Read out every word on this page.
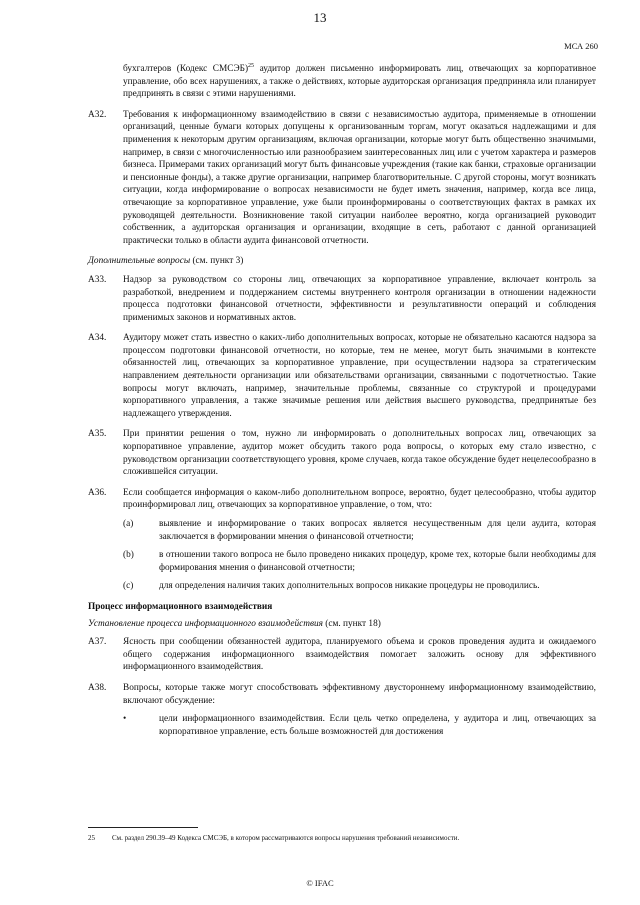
13
МСА 260

бухгалтеров (Кодекс СМСЭБ)$^{25}$ аудитор должен письменно информировать лиц, отвечающих за корпоративное управление, обо всех нарушениях, а также о действиях, которые аудиторская организация предприняла или планирует предпринять в связи с этими нарушениями.

A32.	Требования к информационному взаимодействию в связи с независимостью аудитора, применяемые в отношении организаций, ценные бумаги которых допущены к организованным торгам, могут оказаться надлежащими и для применения к некоторым другим организациям, включая организации, которые могут быть общественно значимыми, например, в связи с многочисленностью или разнообразием заинтересованных лиц или с учетом характера и размеров бизнеса. Примерами таких организаций могут быть финансовые учреждения (такие как банки, страховые организации и пенсионные фонды), а также другие организации, например благотворительные. С другой стороны, могут возникать ситуации, когда информирование о вопросах независимости не будет иметь значения, например, когда все лица, отвечающие за корпоративное управление, уже были проинформированы о соответствующих фактах в рамках их руководящей деятельности. Возникновение такой ситуации наиболее вероятно, когда организацией руководит собственник, а аудиторская организация и организации, входящие в сеть, работают с данной организацией практически только в области аудита финансовой отчетности.

Дополнительные вопросы (см. пункт 3)
A33.	Надзор за руководством со стороны лиц, отвечающих за корпоративное управление, включает контроль за разработкой, внедрением и поддержанием системы внутреннего контроля организации в отношении надежности процесса подготовки финансовой отчетности, эффективности и результативности операций и соблюдения применимых законов и нормативных актов.

A34.	Аудитору может стать известно о каких-либо дополнительных вопросах, которые не обязательно касаются надзора за процессом подготовки финансовой отчетности, но которые, тем не менее, могут быть значимыми в контексте обязанностей лиц, отвечающих за корпоративное управление, при осуществлении надзора за стратегическим направлением деятельности организации или обязательствами организации, связанными с подотчетностью. Такие вопросы могут включать, например, значительные проблемы, связанные со структурой и процедурами корпоративного управления, а также значимые решения или действия высшего руководства, предпринятые без надлежащего утверждения.

A35.	При принятии решения о том, нужно ли информировать о дополнительных вопросах лиц, отвечающих за корпоративное управление, аудитор может обсудить такого рода вопросы, о которых ему стало известно, с руководством организации соответствующего уровня, кроме случаев, когда такое обсуждение будет нецелесообразно в сложившейся ситуации.

A36.	Если сообщается информация о каком-либо дополнительном вопросе, вероятно, будет целесообразно, чтобы аудитор проинформировал лиц, отвечающих за корпоративное управление, о том, что:

(a)	выявление и информирование о таких вопросах является несущественным для цели аудита, которая заключается в формировании мнения о финансовой отчетности;
(b)	в отношении такого вопроса не было проведено никаких процедур, кроме тех, которые были необходимы для формирования мнения о финансовой отчетности;
(c)	для определения наличия таких дополнительных вопросов никакие процедуры не проводились.
Процесс информационного взаимодействия
Установление процесса информационного взаимодействия (см. пункт 18)
A37.	Ясность при сообщении обязанностей аудитора, планируемого объема и сроков проведения аудита и ожидаемого общего содержания информационного взаимодействия помогает заложить основу для эффективного информационного взаимодействия.

A38.	Вопросы, которые также могут способствовать эффективному двустороннему информационному взаимодействию, включают обсуждение:

•	цели информационного взаимодействия. Если цель четко определена, у аудитора и лиц, отвечающих за корпоративное управление, есть больше возможностей для достижения
25	См. раздел 290.39–49 Кодекса СМСЭБ, в котором рассматриваются вопросы нарушения требований независимости.
© IFAC
